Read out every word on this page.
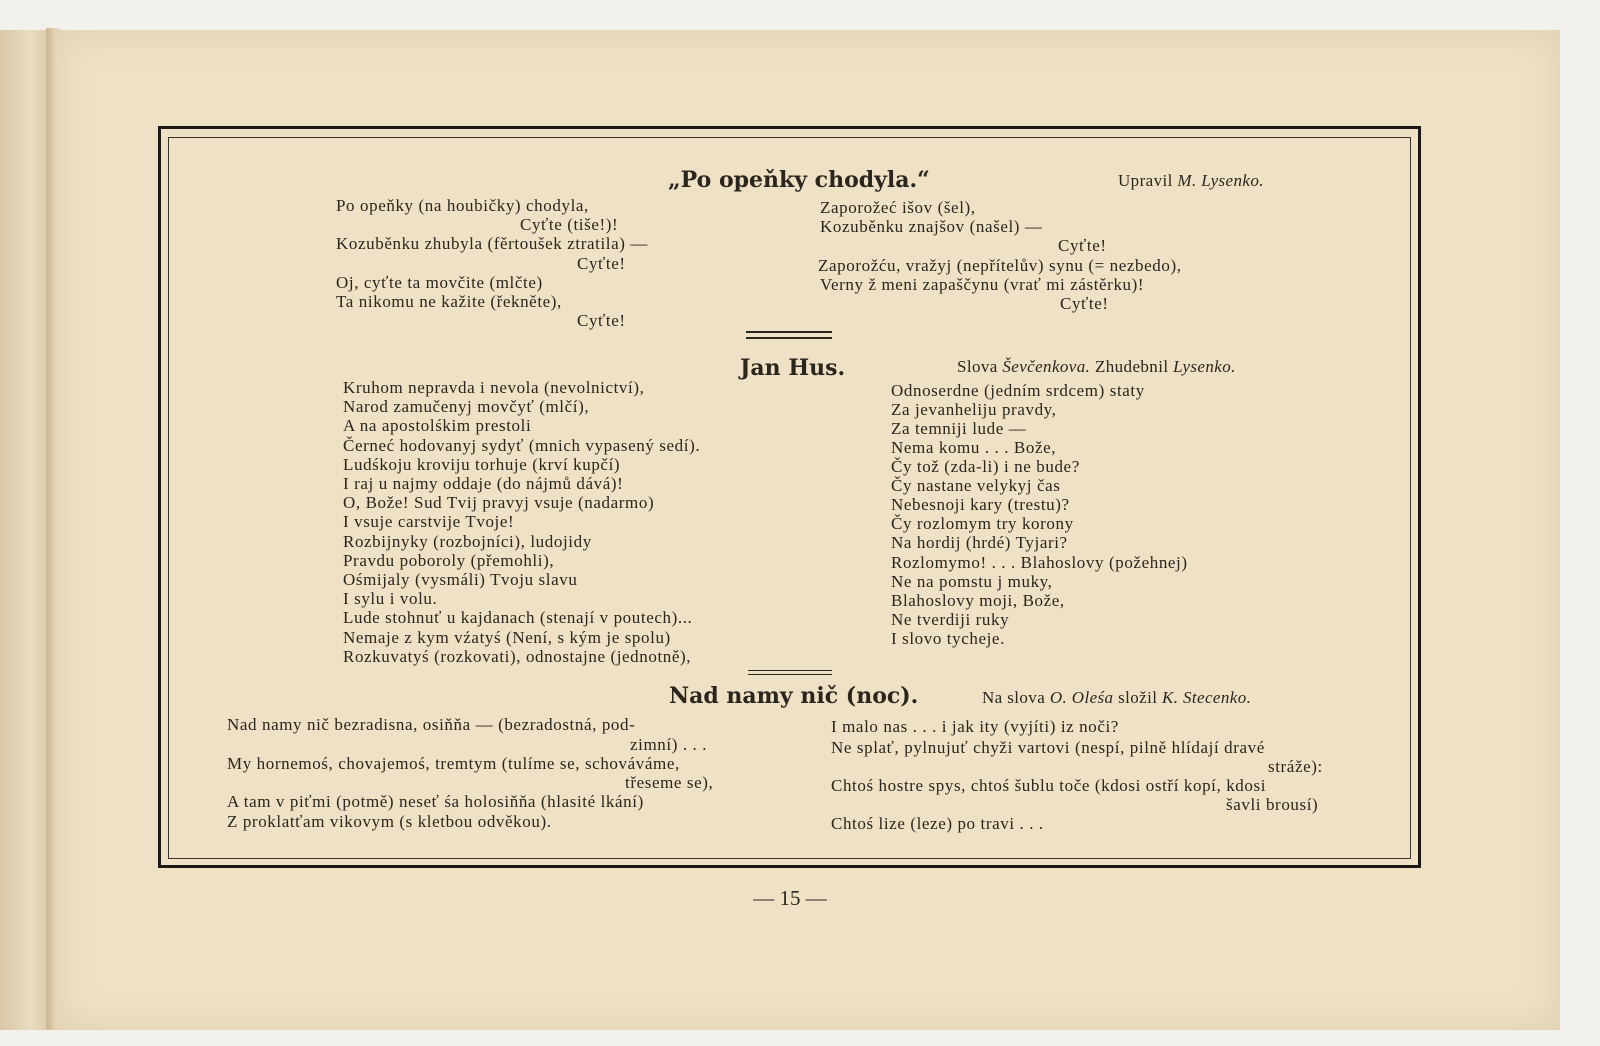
„Po opeňky chodyla.“	Upravil M. Lysenko.
Po opeňky (na houbičky) chodyla,
Cyťte (tiše!)!
Kozuběnku zhubyla (fěrtoušek ztratila) —
Cyťte!
Oj, cyťte ta movčite (mlčte)
Ta nikomu ne kažite (řekněte),
Cyťte!
Zaporožeć išov (šel),
Kozuběnku znajšov (našel) —
Cyťte!
Zaporožću, vražyj (nepřítelův) synu (= nezbedo),
Verny ž meni zapaščynu (vrať mi zástěrku)!
Cyťte!
Jan Hus.	Slova Ševčenkova. Zhudebnil Lysenko.
Kruhom nepravda i nevola (nevolnictví),
Narod zamučenyj movčyť (mlčí),
A na apostolśkim prestoli
Černeć hodovanyj sydyť (mnich vypasený sedí).
Ludśkoju kroviju torhuje (krví kupčí)
I raj u najmy oddaje (do nájmů dává)!
O, Bože! Sud Tvij pravyj vsuje (nadarmo)
I vsuje carstvije Tvoje!
Rozbijnyky (rozbojníci), ludojidy
Pravdu poboroly (přemohli),
Ośmijaly (vysmáli) Tvoju slavu
I sylu i volu.
Lude stohnuť u kajdanach (stenají v poutech)...
Nemaje z kym vźatyś (Není, s kým je spolu)
Rozkuvatyś (rozkovati), odnostajne (jednotně),
Odnoserdne (jedním srdcem) staty
Za jevanheliju pravdy,
Za temniji lude —
Nema komu . . . Bože,
Čy tož (zda-li) i ne bude?
Čy nastane velykyj čas
Nebesnoji kary (trestu)?
Čy rozlomym try korony
Na hordij (hrdé) Tyjari?
Rozlomymo! . . . Blahoslovy (požehnej)
Ne na pomstu j muky,
Blahoslovy moji, Bože,
Ne tverdiji ruky
I slovo tycheje.
Nad namy nič (noc).	Na slova O. Oleśa složil K. Stecenko.
Nad namy nič bezradisna, osiňňa — (bezradostná, pod-
zimní) . . .
My hornemoś, chovajemoś, tremtym (tulíme se, schováváme,
třeseme se),
A tam v piťmi (potmě) neseť śa holosiňňa (hlasité lkání)
Z proklatťam vikovym (s kletbou odvěkou).
I malo nas . . . i jak ity (vyjíti) iz noči?
Ne splať, pylnujuť chyži vartovi (nespí, pilně hlídají dravé
stráže):
Chtoś hostre spys, chtoś šublu toče (kdosi ostří kopí, kdosi
šavli brousí)
Chtoś lize (leze) po travi . . .
— 15 —
